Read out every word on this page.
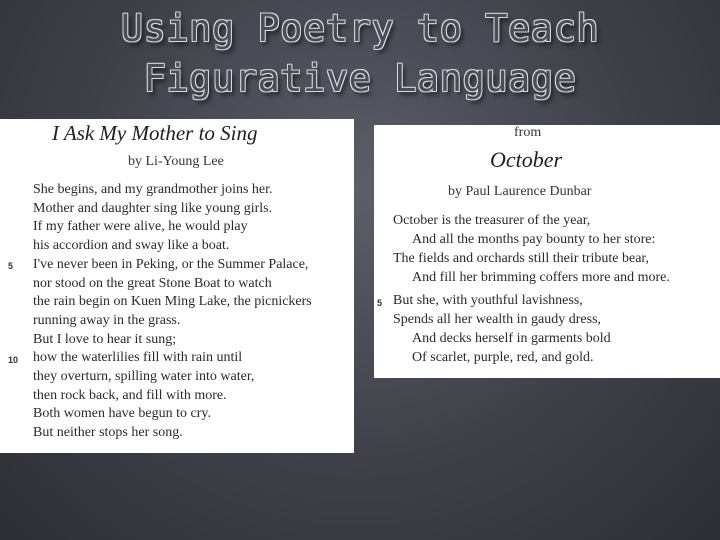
Using Poetry to Teach
Figurative Language
I Ask My Mother to Sing
by Li-Young Lee
She begins, and my grandmother joins her.
Mother and daughter sing like young girls.
If my father were alive, he would play
his accordion and sway like a boat.
5 I've never been in Peking, or the Summer Palace,
nor stood on the great Stone Boat to watch
the rain begin on Kuen Ming Lake, the picnickers
running away in the grass.
But I love to hear it sung;
10 how the waterlilies fill with rain until
they overturn, spilling water into water,
then rock back, and fill with more.
Both women have begun to cry.
But neither stops her song.
from
October
by Paul Laurence Dunbar
October is the treasurer of the year,
And all the months pay bounty to her store:
The fields and orchards still their tribute bear,
And fill her brimming coffers more and more.
5 But she, with youthful lavishness,
Spends all her wealth in gaudy dress,
And decks herself in garments bold
Of scarlet, purple, red, and gold.
